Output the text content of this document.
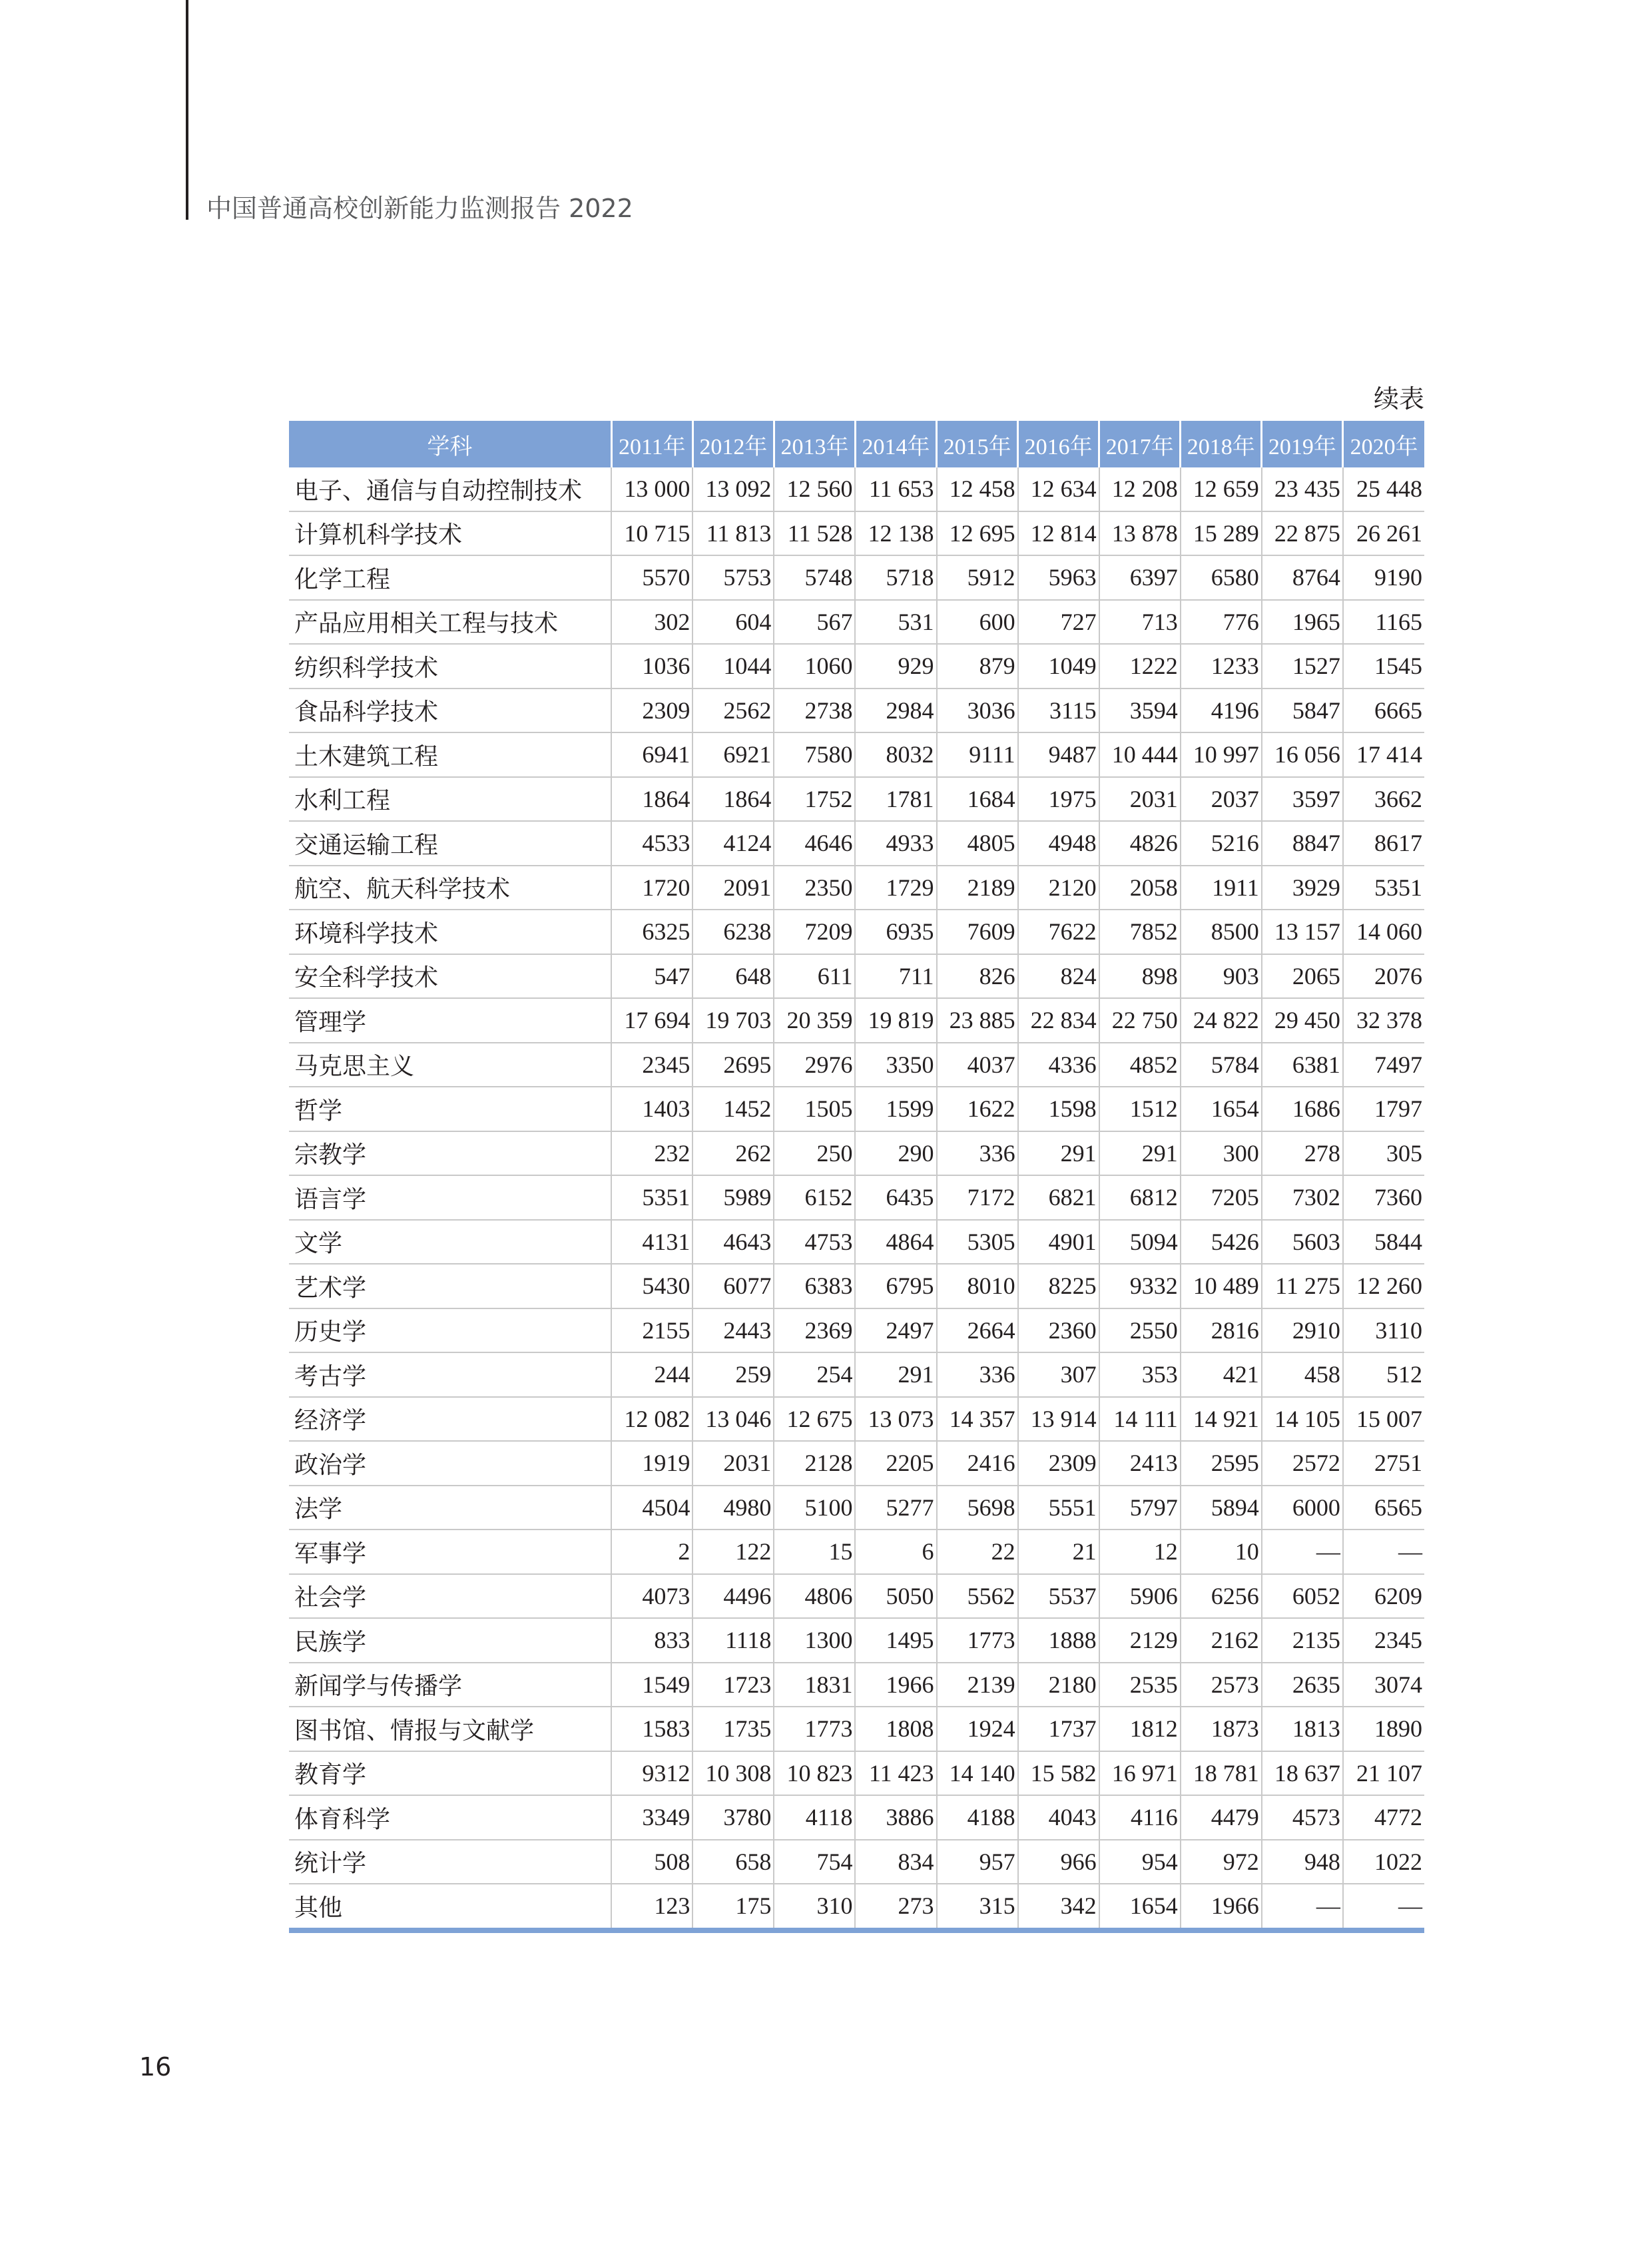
中国普通高校创新能力监测报告 2022
续表
学科	2011年	2012年	2013年	2014年	2015年	2016年	2017年	2018年	2019年	2020年
电子、通信与自动控制技术	13 000	13 092	12 560	11 653	12 458	12 634	12 208	12 659	23 435	25 448
计算机科学技术	10 715	11 813	11 528	12 138	12 695	12 814	13 878	15 289	22 875	26 261
化学工程	5570	5753	5748	5718	5912	5963	6397	6580	8764	9190
产品应用相关工程与技术	302	604	567	531	600	727	713	776	1965	1165
纺织科学技术	1036	1044	1060	929	879	1049	1222	1233	1527	1545
食品科学技术	2309	2562	2738	2984	3036	3115	3594	4196	5847	6665
土木建筑工程	6941	6921	7580	8032	9111	9487	10 444	10 997	16 056	17 414
水利工程	1864	1864	1752	1781	1684	1975	2031	2037	3597	3662
交通运输工程	4533	4124	4646	4933	4805	4948	4826	5216	8847	8617
航空、航天科学技术	1720	2091	2350	1729	2189	2120	2058	1911	3929	5351
环境科学技术	6325	6238	7209	6935	7609	7622	7852	8500	13 157	14 060
安全科学技术	547	648	611	711	826	824	898	903	2065	2076
管理学	17 694	19 703	20 359	19 819	23 885	22 834	22 750	24 822	29 450	32 378
马克思主义	2345	2695	2976	3350	4037	4336	4852	5784	6381	7497
哲学	1403	1452	1505	1599	1622	1598	1512	1654	1686	1797
宗教学	232	262	250	290	336	291	291	300	278	305
语言学	5351	5989	6152	6435	7172	6821	6812	7205	7302	7360
文学	4131	4643	4753	4864	5305	4901	5094	5426	5603	5844
艺术学	5430	6077	6383	6795	8010	8225	9332	10 489	11 275	12 260
历史学	2155	2443	2369	2497	2664	2360	2550	2816	2910	3110
考古学	244	259	254	291	336	307	353	421	458	512
经济学	12 082	13 046	12 675	13 073	14 357	13 914	14 111	14 921	14 105	15 007
政治学	1919	2031	2128	2205	2416	2309	2413	2595	2572	2751
法学	4504	4980	5100	5277	5698	5551	5797	5894	6000	6565
军事学	2	122	15	6	22	21	12	10	—	—
社会学	4073	4496	4806	5050	5562	5537	5906	6256	6052	6209
民族学	833	1118	1300	1495	1773	1888	2129	2162	2135	2345
新闻学与传播学	1549	1723	1831	1966	2139	2180	2535	2573	2635	3074
图书馆、情报与文献学	1583	1735	1773	1808	1924	1737	1812	1873	1813	1890
教育学	9312	10 308	10 823	11 423	14 140	15 582	16 971	18 781	18 637	21 107
体育科学	3349	3780	4118	3886	4188	4043	4116	4479	4573	4772
统计学	508	658	754	834	957	966	954	972	948	1022
其他	123	175	310	273	315	342	1654	1966	—	—
16
